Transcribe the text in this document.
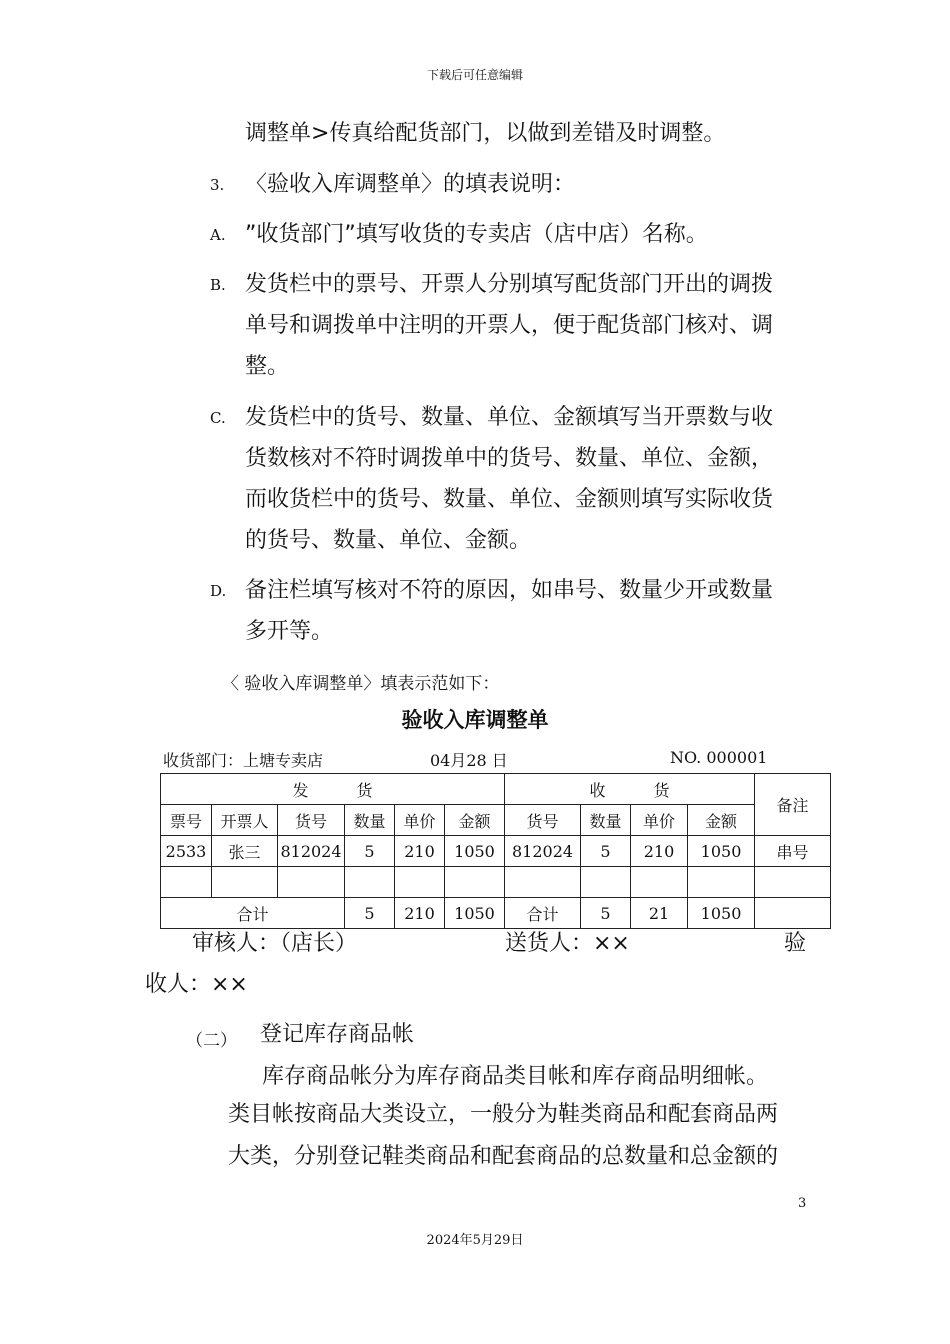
下载后可任意编辑
调整单>传真给配货部门，以做到差错及时调整。
3. 〈验收入库调整单〉的填表说明：
A. ”收货部门”填写收货的专卖店（店中店）名称。
B. 发货栏中的票号、开票人分别填写配货部门开出的调拨
单号和调拨单中注明的开票人，便于配货部门核对、调
整。
C. 发货栏中的货号、数量、单位、金额填写当开票数与收
货数核对不符时调拨单中的货号、数量、单位、金额，
而收货栏中的货号、数量、单位、金额则填写实际收货
的货号、数量、单位、金额。
D. 备注栏填写核对不符的原因，如串号、数量少开或数量
多开等。
〈 验收入库调整单〉填表示范如下：
验收入库调整单
收货部门：上塘专卖店	04月28 日	NO. 000001
发　　　货						收　　　货				备注
票号	开票人	货号	数量	单价	金额	货号	数量	单价	金额	
2533	张三	812024	5	210	1050	812024	5	210	1050	串号

合计			5	210	1050	合计	5	21	1050	
审核人：（店长）	送货人：××	验
收人：××
（二） 登记库存商品帐
库存商品帐分为库存商品类目帐和库存商品明细帐。
类目帐按商品大类设立，一般分为鞋类商品和配套商品两
大类，分别登记鞋类商品和配套商品的总数量和总金额的
3
2024年5月29日
